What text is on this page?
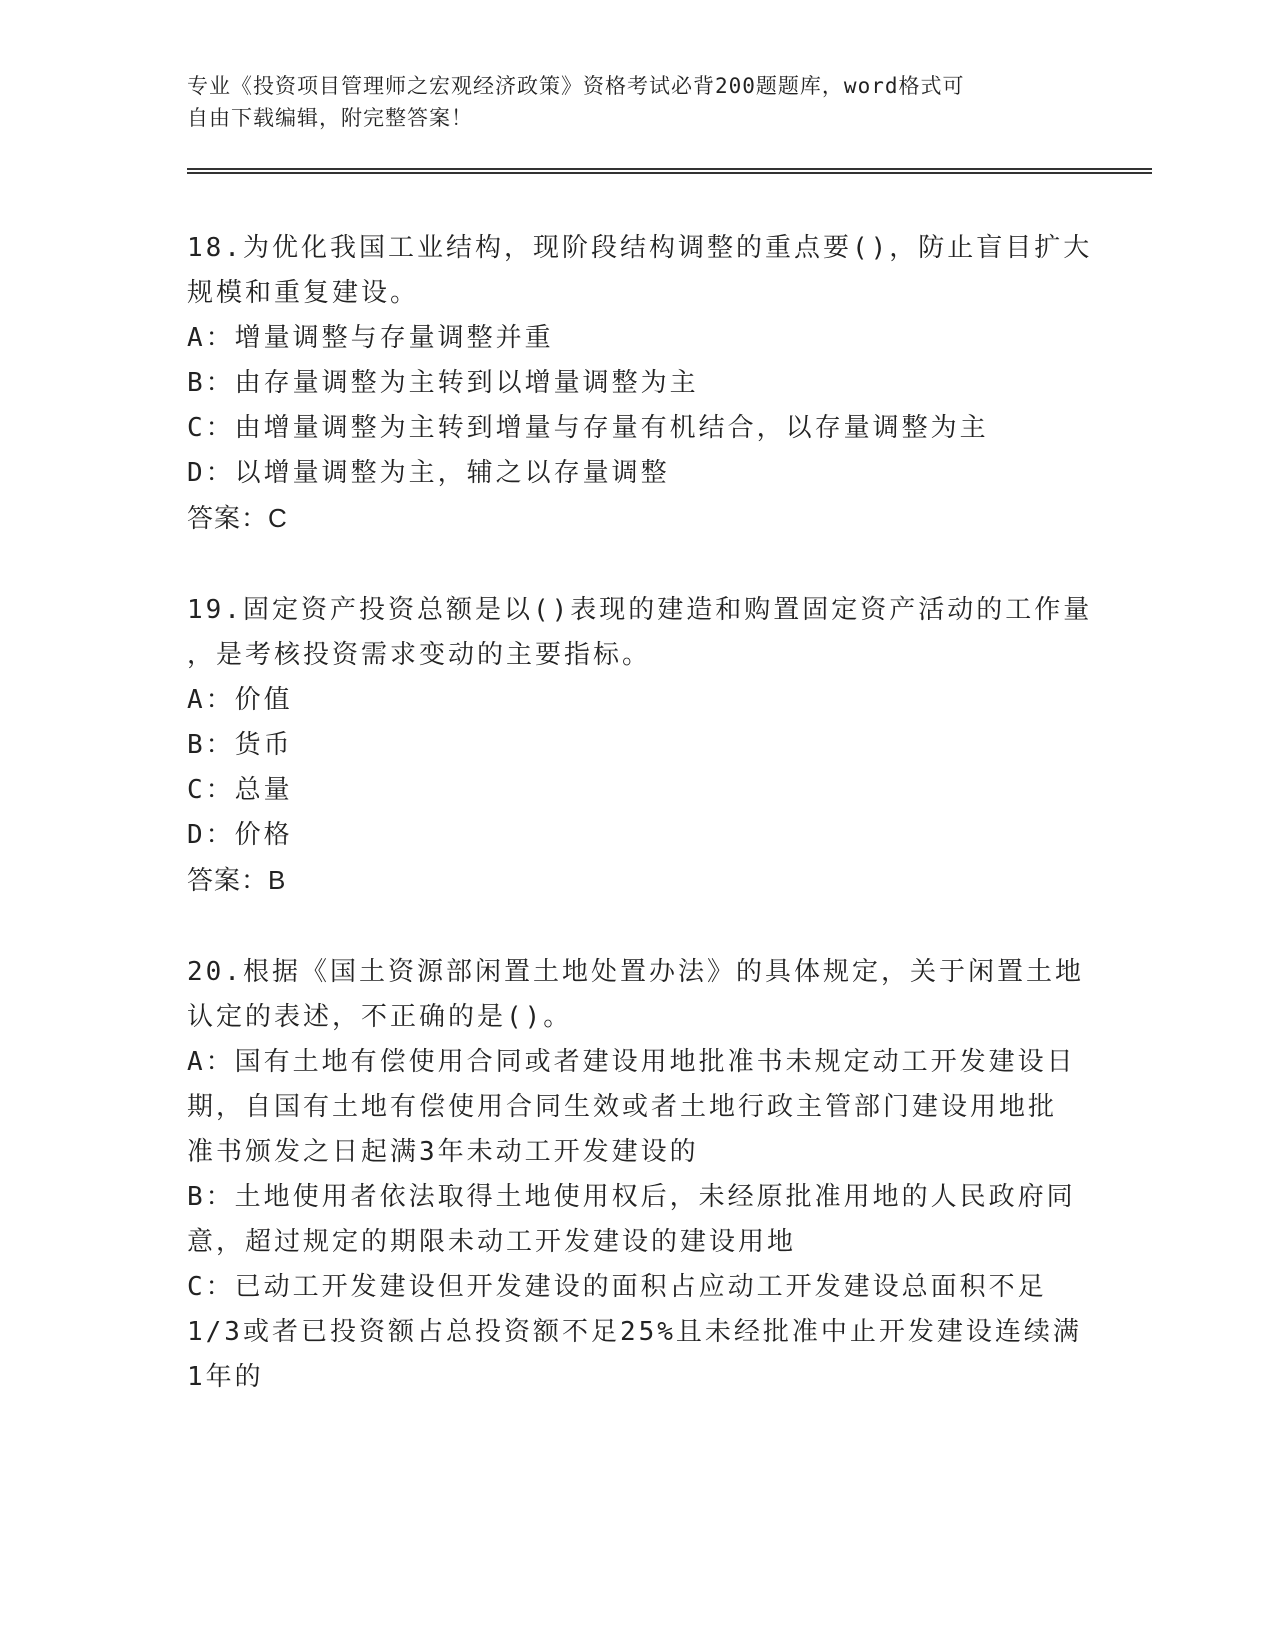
专业《投资项目管理师之宏观经济政策》资格考试必背200题题库，word格式可
自由下载编辑，附完整答案！
18.为优化我国工业结构，现阶段结构调整的重点要()，防止盲目扩大
规模和重复建设。
A：增量调整与存量调整并重
B：由存量调整为主转到以增量调整为主
C：由增量调整为主转到增量与存量有机结合，以存量调整为主
D：以增量调整为主，辅之以存量调整
答案：C
19.固定资产投资总额是以()表现的建造和购置固定资产活动的工作量
，是考核投资需求变动的主要指标。
A：价值
B：货币
C：总量
D：价格
答案：B
20.根据《国土资源部闲置土地处置办法》的具体规定，关于闲置土地
认定的表述，不正确的是()。
A：国有土地有偿使用合同或者建设用地批准书未规定动工开发建设日
期，自国有土地有偿使用合同生效或者土地行政主管部门建设用地批
准书颁发之日起满3年未动工开发建设的
B：土地使用者依法取得土地使用权后，未经原批准用地的人民政府同
意，超过规定的期限未动工开发建设的建设用地
C：已动工开发建设但开发建设的面积占应动工开发建设总面积不足
1/3或者已投资额占总投资额不足25%且未经批准中止开发建设连续满
1年的
